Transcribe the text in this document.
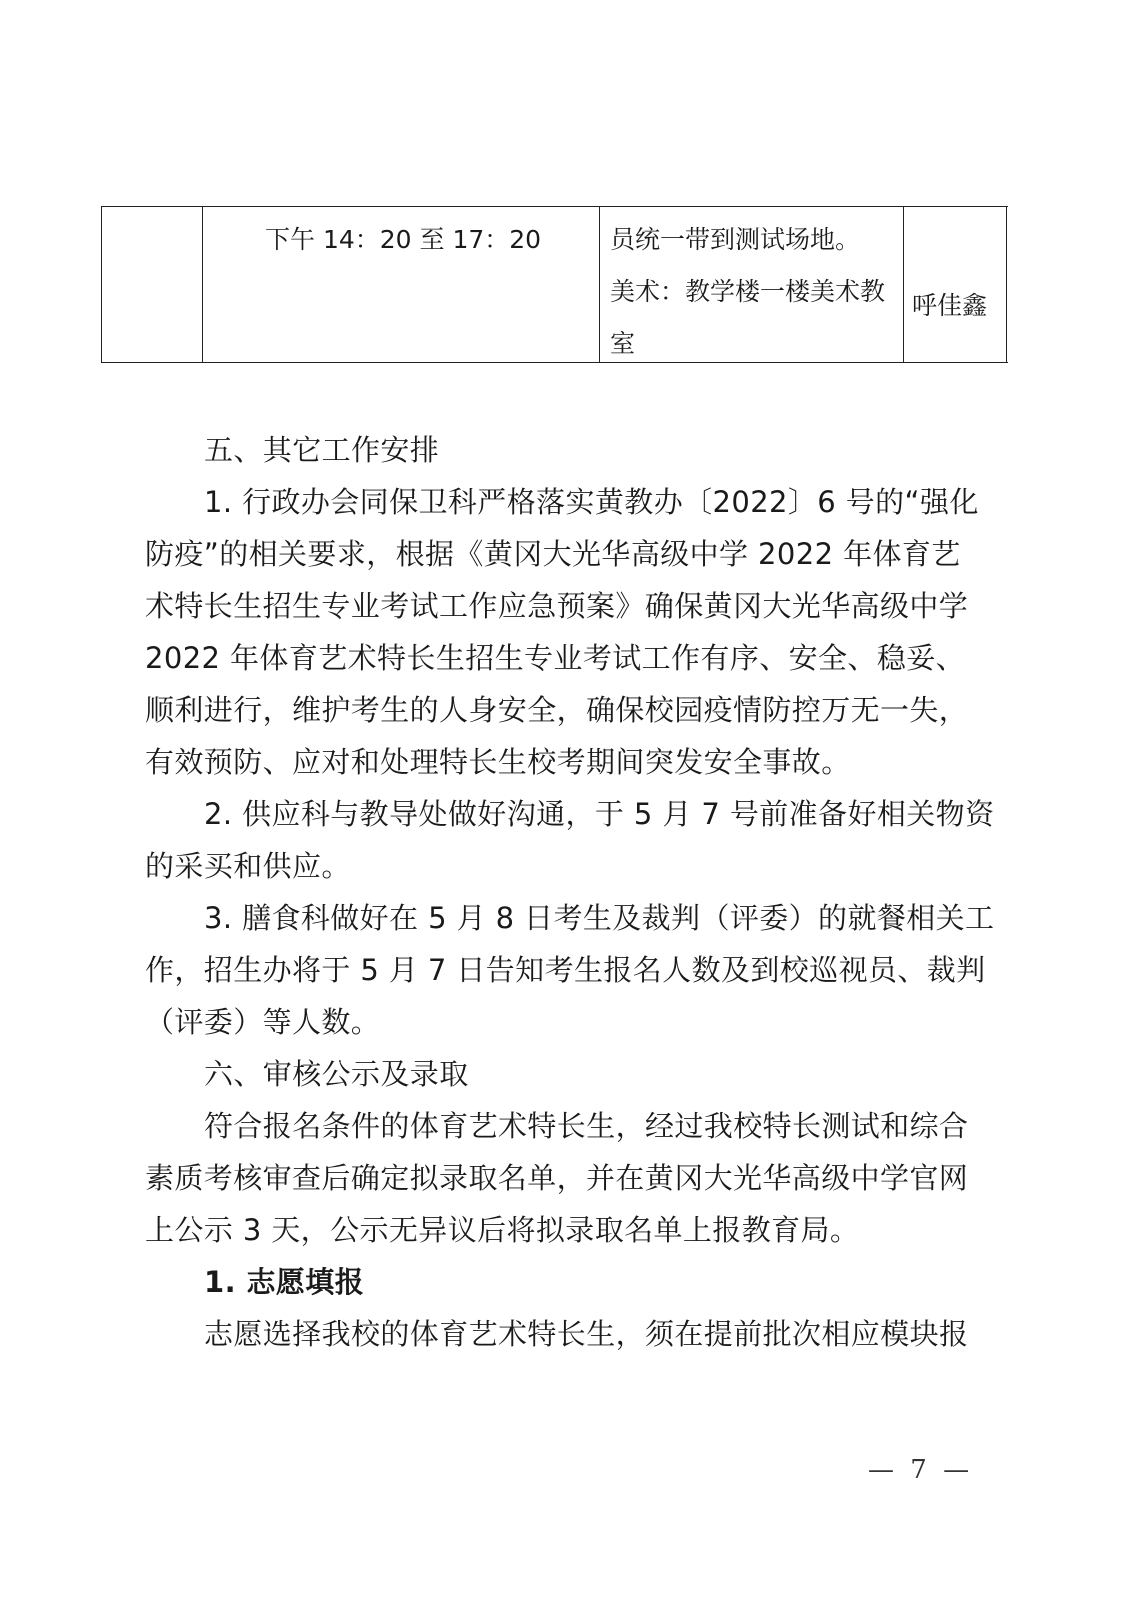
下午 14：20 至 17：20	员统一带到测试场地。
美术：教学楼一楼美术教
室
呼佳鑫
五、其它工作安排
1. 行政办会同保卫科严格落实黄教办〔2022〕6 号的“强化
防疫”的相关要求，根据《黄冈大光华高级中学 2022 年体育艺
术特长生招生专业考试工作应急预案》确保黄冈大光华高级中学
2022 年体育艺术特长生招生专业考试工作有序、安全、稳妥、
顺利进行，维护考生的人身安全，确保校园疫情防控万无一失，
有效预防、应对和处理特长生校考期间突发安全事故。
2. 供应科与教导处做好沟通，于 5 月 7 号前准备好相关物资
的采买和供应。
3. 膳食科做好在 5 月 8 日考生及裁判（评委）的就餐相关工
作，招生办将于 5 月 7 日告知考生报名人数及到校巡视员、裁判
（评委）等人数。
六、审核公示及录取
符合报名条件的体育艺术特长生，经过我校特长测试和综合
素质考核审查后确定拟录取名单，并在黄冈大光华高级中学官网
上公示 3 天，公示无异议后将拟录取名单上报教育局。
1. 志愿填报
志愿选择我校的体育艺术特长生，须在提前批次相应模块报
— 7 —
